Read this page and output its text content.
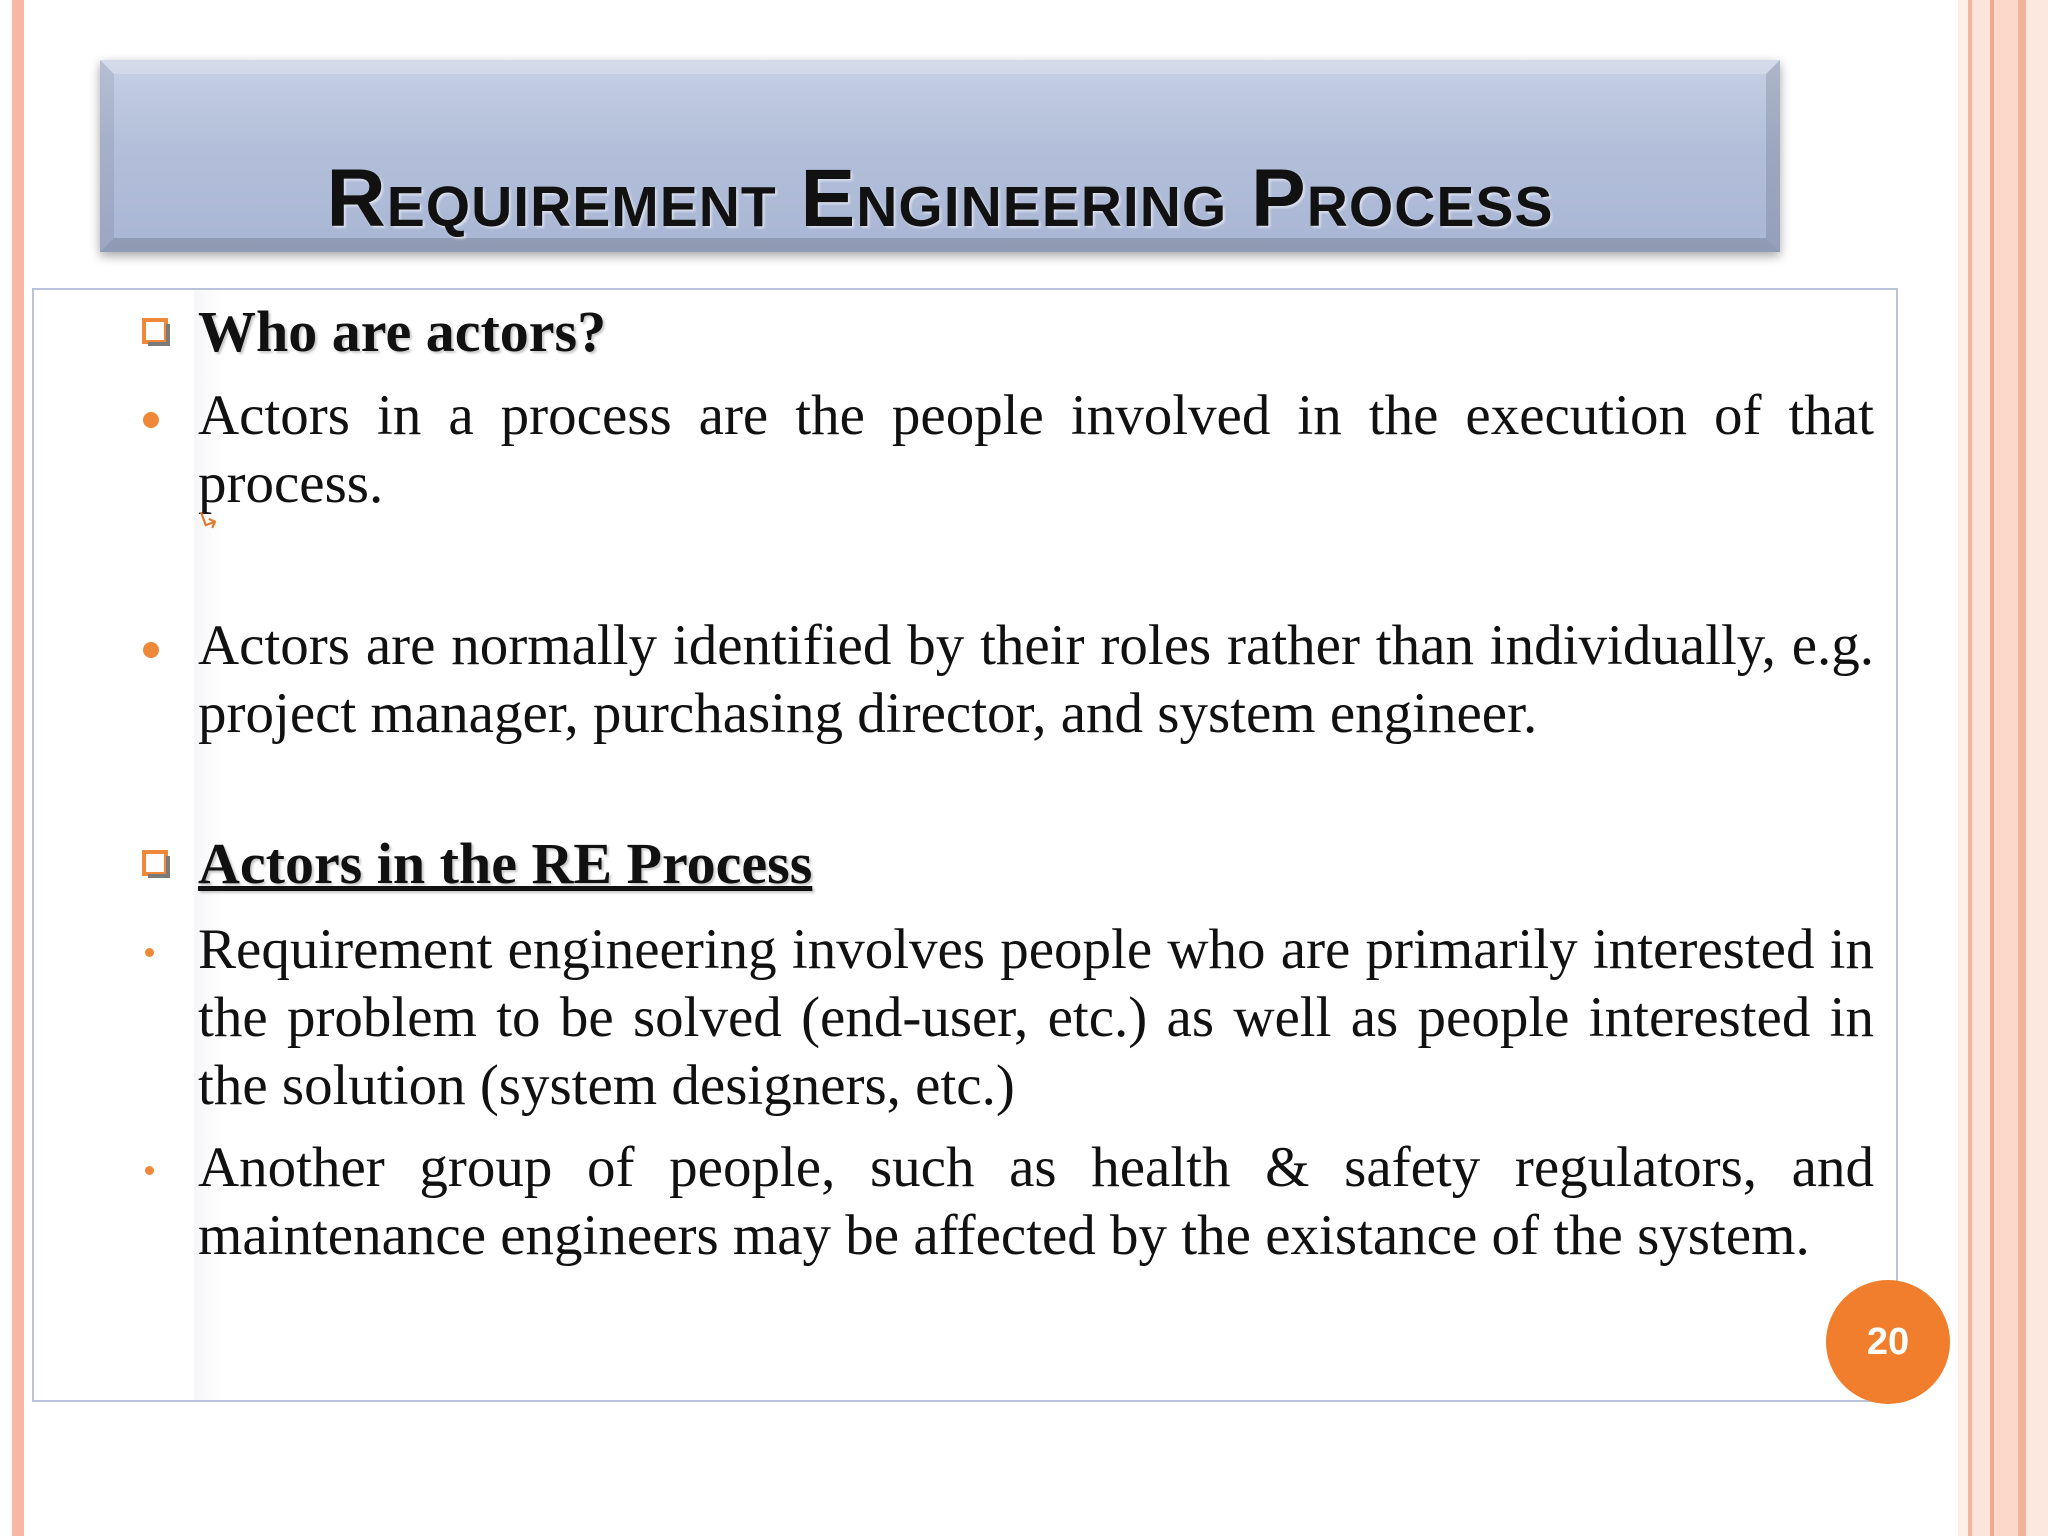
Requirement Engineering Process
Who are actors?
Actors in a process are the people involved in the execution of that process.
↳
Actors are normally identified by their roles rather than individually, e.g. project manager, purchasing director, and system engineer.
Actors in the RE Process
Requirement engineering involves people who are primarily interested in the problem to be solved (end-user, etc.) as well as people interested in the solution (system designers, etc.)
Another group of people, such as health & safety regulators, and maintenance engineers may be affected by the existance of the system.
20
